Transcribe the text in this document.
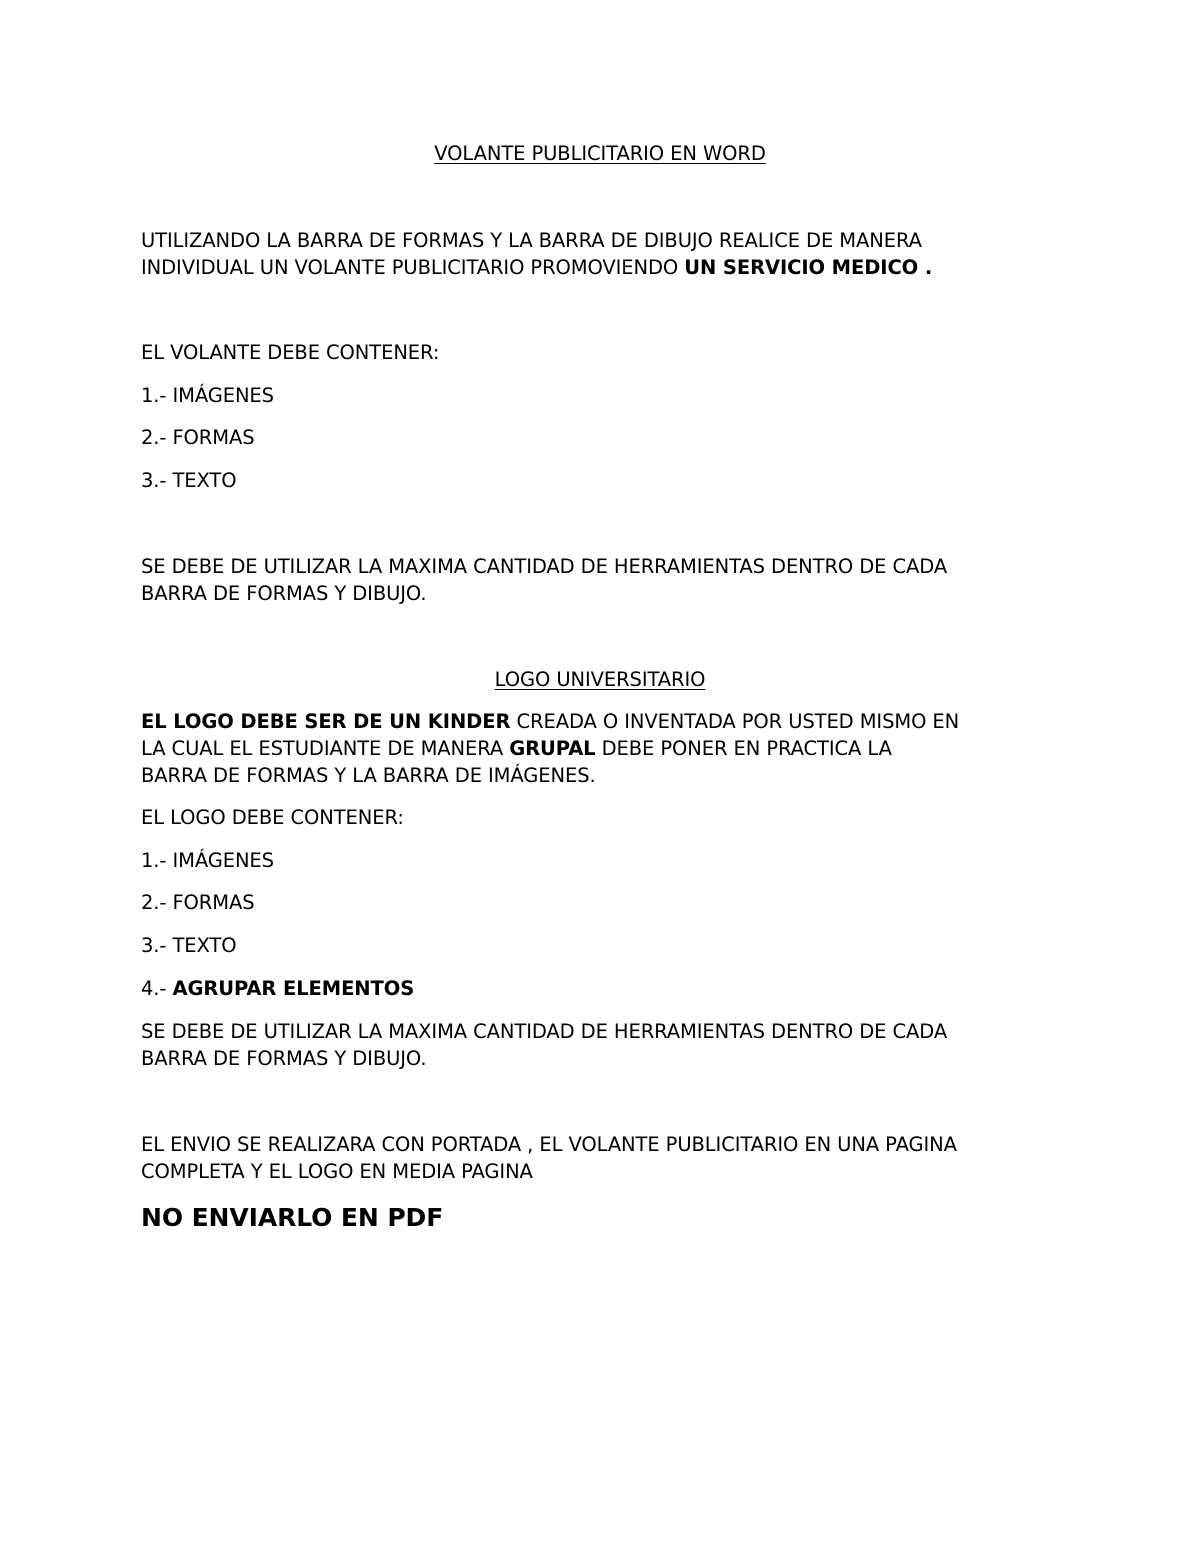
VOLANTE PUBLICITARIO EN WORD
UTILIZANDO LA BARRA DE FORMAS Y LA BARRA DE DIBUJO REALICE DE MANERA
INDIVIDUAL UN VOLANTE PUBLICITARIO PROMOVIENDO UN SERVICIO MEDICO .
EL VOLANTE DEBE CONTENER:
1.- IMÁGENES
2.- FORMAS
3.- TEXTO
SE DEBE DE UTILIZAR LA MAXIMA CANTIDAD DE HERRAMIENTAS DENTRO DE CADA
BARRA DE FORMAS Y DIBUJO.
LOGO UNIVERSITARIO
EL LOGO DEBE SER DE UN KINDER CREADA O INVENTADA POR USTED MISMO EN
LA CUAL EL ESTUDIANTE DE MANERA GRUPAL DEBE PONER EN PRACTICA LA
BARRA DE FORMAS Y LA BARRA DE IMÁGENES.
EL LOGO DEBE CONTENER:
1.- IMÁGENES
2.- FORMAS
3.- TEXTO
4.- AGRUPAR ELEMENTOS
SE DEBE DE UTILIZAR LA MAXIMA CANTIDAD DE HERRAMIENTAS DENTRO DE CADA
BARRA DE FORMAS Y DIBUJO.
EL ENVIO SE REALIZARA CON PORTADA , EL VOLANTE PUBLICITARIO EN UNA PAGINA
COMPLETA Y EL LOGO EN MEDIA PAGINA
NO ENVIARLO EN PDF
